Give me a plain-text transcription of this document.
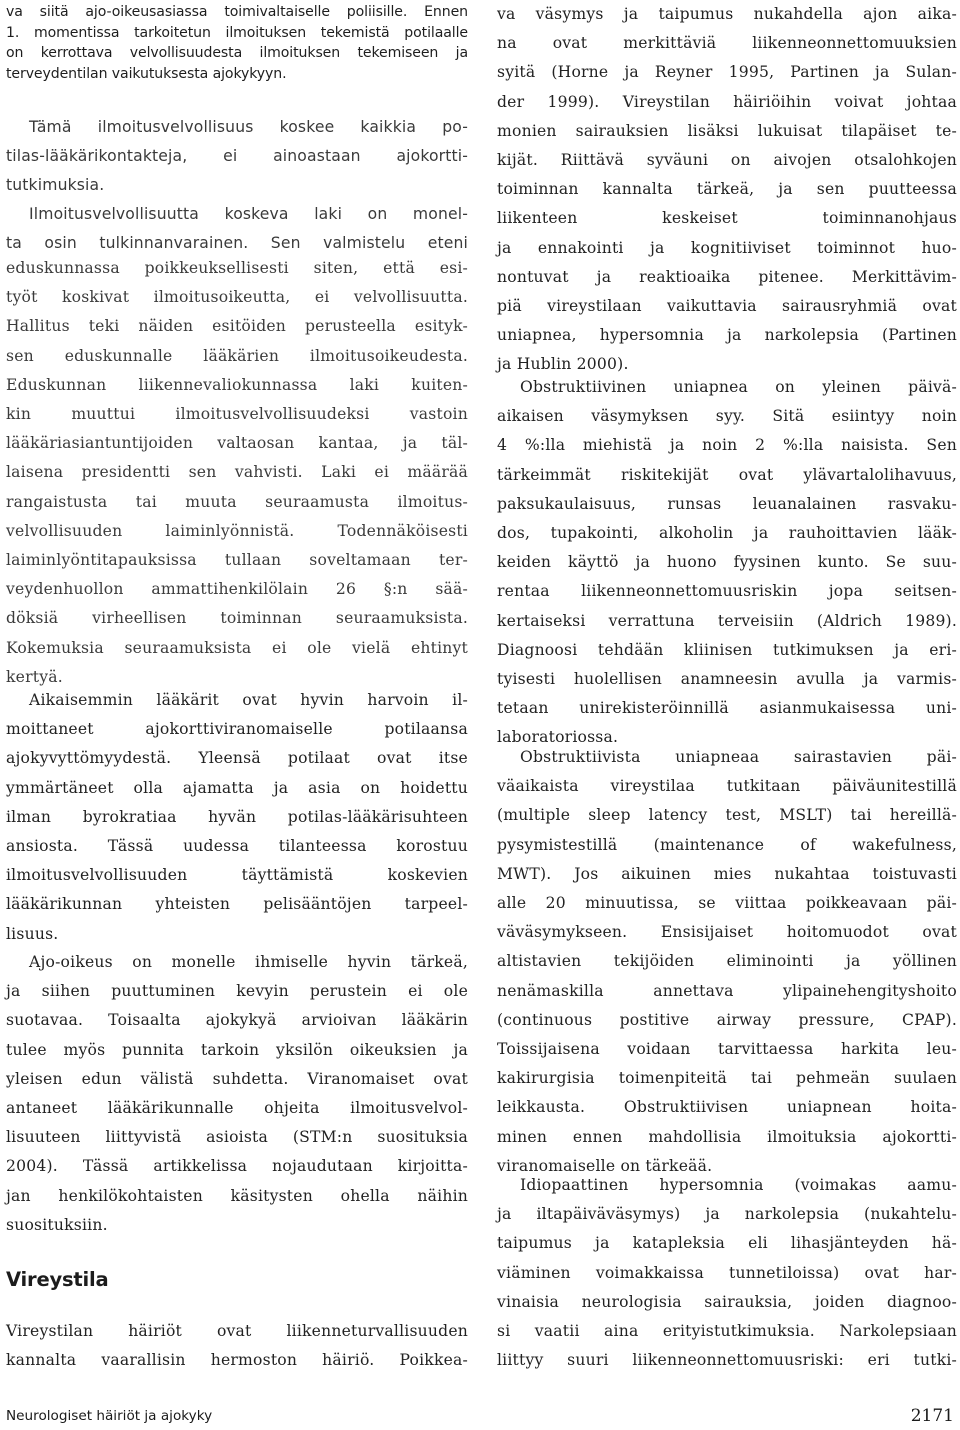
va siitä ajo-oikeusasiassa toimivaltaiselle poliisille. Ennen
1. momentissa tarkoitetun ilmoituksen tekemistä potilaalle
on kerrottava velvollisuudesta ilmoituksen tekemiseen ja
terveydentilan vaikutuksesta ajokykyyn.
Tämä ilmoitusvelvollisuus koskee kaikkia po-
tilas-lääkärikontakteja, ei ainoastaan ajokortti-
tutkimuksia.
Ilmoitusvelvollisuutta koskeva laki on monel-
ta osin tulkinnanvarainen. Sen valmistelu eteni
eduskunnassa poikkeuksellisesti siten, että esi-
työt koskivat ilmoitusoikeutta, ei velvollisuutta.
Hallitus teki näiden esitöiden perusteella esityk-
sen eduskunnalle lääkärien ilmoitusoikeudesta.
Eduskunnan liikennevaliokunnassa laki kuiten-
kin muuttui ilmoitusvelvollisuudeksi vastoin
lääkäriasiantuntijoiden valtaosan kantaa, ja täl-
laisena presidentti sen vahvisti. Laki ei määrää
rangaistusta tai muuta seuraamusta ilmoitus-
velvollisuuden laiminlyönnistä. Todennäköisesti
laiminlyöntitapauksissa tullaan soveltamaan ter-
veydenhuollon ammattihenkilölain 26 §:n sää-
döksiä virheellisen toiminnan seuraamuksista.
Kokemuksia seuraamuksista ei ole vielä ehtinyt
kertyä.
Aikaisemmin lääkärit ovat hyvin harvoin il-
moittaneet ajokorttiviranomaiselle potilaansa
ajokyvyttömyydestä. Yleensä potilaat ovat itse
ymmärtäneet olla ajamatta ja asia on hoidettu
ilman byrokratiaa hyvän potilas-lääkärisuhteen
ansiosta. Tässä uudessa tilanteessa korostuu
ilmoitusvelvollisuuden täyttämistä koskevien
lääkärikunnan yhteisten pelisääntöjen tarpeel-
lisuus.
Ajo-oikeus on monelle ihmiselle hyvin tärkeä,
ja siihen puuttuminen kevyin perustein ei ole
suotavaa. Toisaalta ajokykyä arvioivan lääkärin
tulee myös punnita tarkoin yksilön oikeuksien ja
yleisen edun välistä suhdetta. Viranomaiset ovat
antaneet lääkärikunnalle ohjeita ilmoitusvelvol-
lisuuteen liittyvistä asioista (STM:n suosituksia
2004). Tässä artikkelissa nojaudutaan kirjoitta-
jan henkilökohtaisten käsitysten ohella näihin
suosituksiin.
Vireystilan häiriöt ovat liikenneturvallisuuden
kannalta vaarallisin hermoston häiriö. Poikkea-
Vireystila
va väsymys ja taipumus nukahdella ajon aika-
na ovat merkittäviä liikenneonnettomuuksien
syitä (Horne ja Reyner 1995, Partinen ja Sulan-
der 1999). Vireystilan häiriöihin voivat johtaa
monien sairauksien lisäksi lukuisat tilapäiset te-
kijät. Riittävä syväuni on aivojen otsalohkojen
toiminnan kannalta tärkeä, ja sen puutteessa
liikenteen keskeiset toiminnanohjaus
ja ennakointi ja kognitiiviset toiminnot huo-
nontuvat ja reaktioaika pitenee. Merkittävim-
piä vireystilaan vaikuttavia sairausryhmiä ovat
uniapnea, hypersomnia ja narkolepsia (Partinen
ja Hublin 2000).
Obstruktiivinen uniapnea on yleinen päivä-
aikaisen väsymyksen syy. Sitä esiintyy noin
4 %:lla miehistä ja noin 2 %:lla naisista. Sen
tärkeimmät riskitekijät ovat ylävartalolihavuus,
paksukaulaisuus, runsas leuanalainen rasvaku-
dos, tupakointi, alkoholin ja rauhoittavien lääk-
keiden käyttö ja huono fyysinen kunto. Se suu-
rentaa liikenneonnettomuusriskin jopa seitsen-
kertaiseksi verrattuna terveisiin (Aldrich 1989).
Diagnoosi tehdään kliinisen tutkimuksen ja eri-
tyisesti huolellisen anamneesin avulla ja varmis-
tetaan unirekisteröinnillä asianmukaisessa uni-
laboratoriossa.
Obstruktiivista uniapneaa sairastavien päi-
väaikaista vireystilaa tutkitaan päiväunitestillä
(multiple sleep latency test, MSLT) tai hereillä-
pysymistestillä (maintenance of wakefulness,
MWT). Jos aikuinen mies nukahtaa toistuvasti
alle 20 minuutissa, se viittaa poikkeavaan päi-
väväsymykseen. Ensisijaiset hoitomuodot ovat
altistavien tekijöiden eliminointi ja yöllinen
nenämaskilla annettava ylipainehengityshoito
(continuous postitive airway pressure, CPAP).
Toissijaisena voidaan tarvittaessa harkita leu-
kakirurgisia toimenpiteitä tai pehmeän suulaen
leikkausta. Obstruktiivisen uniapnean hoita-
minen ennen mahdollisia ilmoituksia ajokortti-
viranomaiselle on tärkeää.
Idiopaattinen hypersomnia (voimakas aamu-
ja iltapäiväväsymys) ja narkolepsia (nukahtelu-
taipumus ja katapleksia eli lihasjänteyden hä-
viäminen voimakkaissa tunnetiloissa) ovat har-
vinaisia neurologisia sairauksia, joiden diagnoo-
si vaatii aina erityistutkimuksia. Narkolepsiaan
liittyy suuri liikenneonnettomuusriski: eri tutki-
Neurologiset häiriöt ja ajokyky	2171
